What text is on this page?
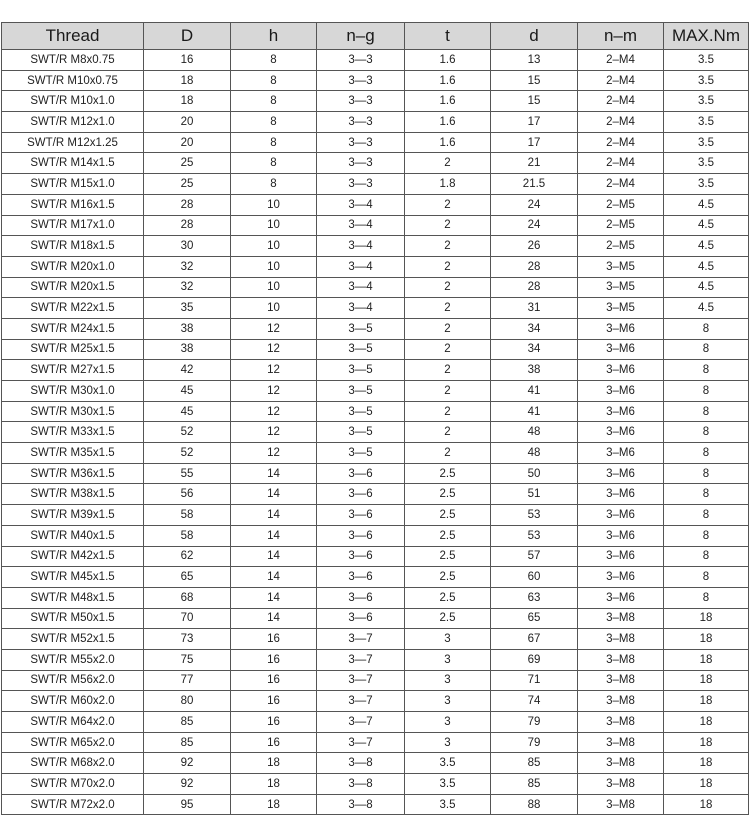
Thread	D	h	n–g	t	d	n–m	MAX.Nm
SWT/R M8x0.75	16	8	3—3	1.6	13	2–M4	3.5
SWT/R M10x0.75	18	8	3—3	1.6	15	2–M4	3.5
SWT/R M10x1.0	18	8	3—3	1.6	15	2–M4	3.5
SWT/R M12x1.0	20	8	3—3	1.6	17	2–M4	3.5
SWT/R M12x1.25	20	8	3—3	1.6	17	2–M4	3.5
SWT/R M14x1.5	25	8	3—3	2	21	2–M4	3.5
SWT/R M15x1.0	25	8	3—3	1.8	21.5	2–M4	3.5
SWT/R M16x1.5	28	10	3—4	2	24	2–M5	4.5
SWT/R M17x1.0	28	10	3—4	2	24	2–M5	4.5
SWT/R M18x1.5	30	10	3—4	2	26	2–M5	4.5
SWT/R M20x1.0	32	10	3—4	2	28	3–M5	4.5
SWT/R M20x1.5	32	10	3—4	2	28	3–M5	4.5
SWT/R M22x1.5	35	10	3—4	2	31	3–M5	4.5
SWT/R M24x1.5	38	12	3—5	2	34	3–M6	8
SWT/R M25x1.5	38	12	3—5	2	34	3–M6	8
SWT/R M27x1.5	42	12	3—5	2	38	3–M6	8
SWT/R M30x1.0	45	12	3—5	2	41	3–M6	8
SWT/R M30x1.5	45	12	3—5	2	41	3–M6	8
SWT/R M33x1.5	52	12	3—5	2	48	3–M6	8
SWT/R M35x1.5	52	12	3—5	2	48	3–M6	8
SWT/R M36x1.5	55	14	3—6	2.5	50	3–M6	8
SWT/R M38x1.5	56	14	3—6	2.5	51	3–M6	8
SWT/R M39x1.5	58	14	3—6	2.5	53	3–M6	8
SWT/R M40x1.5	58	14	3—6	2.5	53	3–M6	8
SWT/R M42x1.5	62	14	3—6	2.5	57	3–M6	8
SWT/R M45x1.5	65	14	3—6	2.5	60	3–M6	8
SWT/R M48x1.5	68	14	3—6	2.5	63	3–M6	8
SWT/R M50x1.5	70	14	3—6	2.5	65	3–M8	18
SWT/R M52x1.5	73	16	3—7	3	67	3–M8	18
SWT/R M55x2.0	75	16	3—7	3	69	3–M8	18
SWT/R M56x2.0	77	16	3—7	3	71	3–M8	18
SWT/R M60x2.0	80	16	3—7	3	74	3–M8	18
SWT/R M64x2.0	85	16	3—7	3	79	3–M8	18
SWT/R M65x2.0	85	16	3—7	3	79	3–M8	18
SWT/R M68x2.0	92	18	3—8	3.5	85	3–M8	18
SWT/R M70x2.0	92	18	3—8	3.5	85	3–M8	18
SWT/R M72x2.0	95	18	3—8	3.5	88	3–M8	18
